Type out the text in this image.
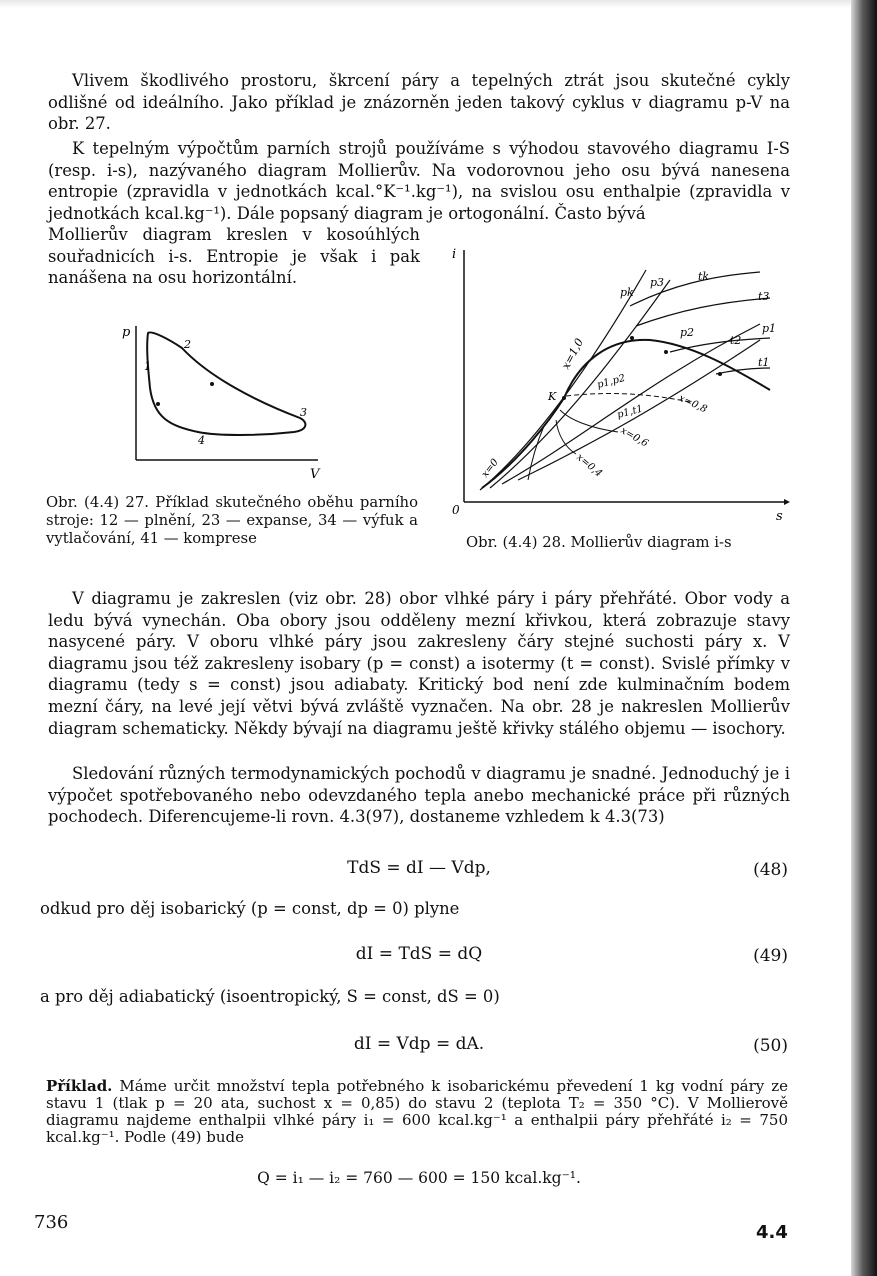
Vlivem škodlivého prostoru, škrcení páry a tepelných ztrát jsou skutečné cykly odlišné od ideálního. Jako příklad je znázorněn jeden takový cyklus v diagramu p-V na obr. 27.

K tepelným výpočtům parních strojů používáme s výhodou stavového diagramu I-S (resp. i-s), nazývaného diagram Mollierův. Na vodorovnou jeho osu bývá nanesena entropie (zpravidla v jednotkách kcal.°K⁻¹.kg⁻¹), na svislou osu enthalpie (zpravidla v jednotkách kcal.kg⁻¹). Dále popsaný diagram je ortogonální. Často bývá

Mollierův diagram kreslen v kosoúhlých souřadnicích i-s. Entropie je však i pak nanášena na osu horizontální.

p
V
1
2
3
4

Obr. (4.4) 27. Příklad skutečného oběhu parního stroje: 12 — plnění, 23 — expanse, 34 — výfuk a vytlačování, 41 — komprese

i
s
0
pk
p3	tk
t3
p2
t2
p1
t1
x=1,0
K
p1,p2
p1,t1	x=0,8
x=0,6
x=0,4
x=0

Obr. (4.4) 28. Mollierův diagram i-s

V diagramu je zakreslen (viz obr. 28) obor vlhké páry i páry přehřáté. Obor vody a ledu bývá vynechán. Oba obory jsou odděleny mezní křivkou, která zobrazuje stavy nasycené páry. V oboru vlhké páry jsou zakresleny čáry stejné suchosti páry x. V diagramu jsou též zakresleny isobary (p = const) a isotermy (t = const). Svislé přímky v diagramu (tedy s = const) jsou adiabaty. Kritický bod není zde kulminačním bodem mezní čáry, na levé její větvi bývá zvláště vyznačen. Na obr. 28 je nakreslen Mollierův diagram schematicky. Někdy bývají na diagramu ještě křivky stálého objemu — isochory.

Sledování různých termodynamických pochodů v diagramu je snadné. Jednoduchý je i výpočet spotřebovaného nebo odevzdaného tepla anebo mechanické práce při různých pochodech. Diferencujeme-li rovn. 4.3(97), dostaneme vzhledem k 4.3(73)

TdS = dI — Vdp,	(48)
odkud pro děj isobarický (p = const, dp = 0) plyne
dI = TdS = dQ	(49)
a pro děj adiabatický (isoentropický, S = const, dS = 0)
dI = Vdp = dA.	(50)

Příklad. Máme určit množství tepla potřebného k isobarickému převedení 1 kg vodní páry ze stavu 1 (tlak p = 20 ata, suchost x = 0,85) do stavu 2 (teplota T₂ = 350 °C). V Mollierově diagramu najdeme enthalpii vlhké páry i₁ = 600 kcal.kg⁻¹ a enthalpii páry přehřáté i₂ = 750 kcal.kg⁻¹. Podle (49) bude

Q = i₁ — i₂ = 760 — 600 = 150 kcal.kg⁻¹.
736	4.4
